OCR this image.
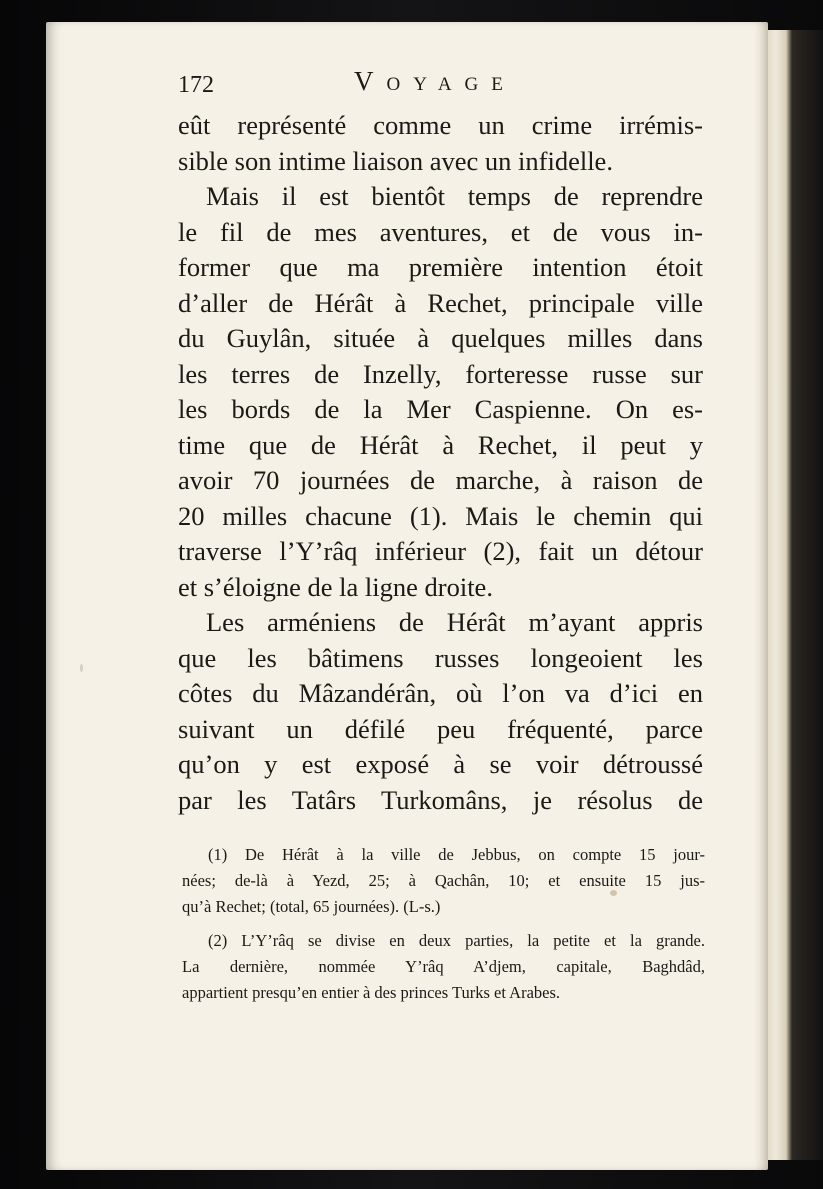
172	Voyage
eût représenté comme un crime irrémis-
sible son intime liaison avec un infidelle.
Mais il est bientôt temps de reprendre
le fil de mes aventures, et de vous in-
former que ma première intention étoit
d’aller de Hérât à Rechet, principale ville
du Guylân, située à quelques milles dans
les terres de Inzelly, forteresse russe sur
les bords de la Mer Caspienne. On es-
time que de Hérât à Rechet, il peut y
avoir 70 journées de marche, à raison de
20 milles chacune (1). Mais le chemin qui
traverse l’Y’râq inférieur (2), fait un détour
et s’éloigne de la ligne droite.
Les arméniens de Hérât m’ayant appris
que les bâtimens russes longeoient les
côtes du Mâzandérân, où l’on va d’ici en
suivant un défilé peu fréquenté, parce
qu’on y est exposé à se voir détroussé
par les Tatârs Turkomâns, je résolus de
(1) De Hérât à la ville de Jebbus, on compte 15 jour-
nées; de-là à Yezd, 25; à Qachân, 10; et ensuite 15 jus-
qu’à Rechet; (total, 65 journées). (L-s.)
(2) L’Y’râq se divise en deux parties, la petite et la grande.
La dernière, nommée Y’râq A’djem, capitale, Baghdâd,
appartient presqu’en entier à des princes Turks et Arabes.
